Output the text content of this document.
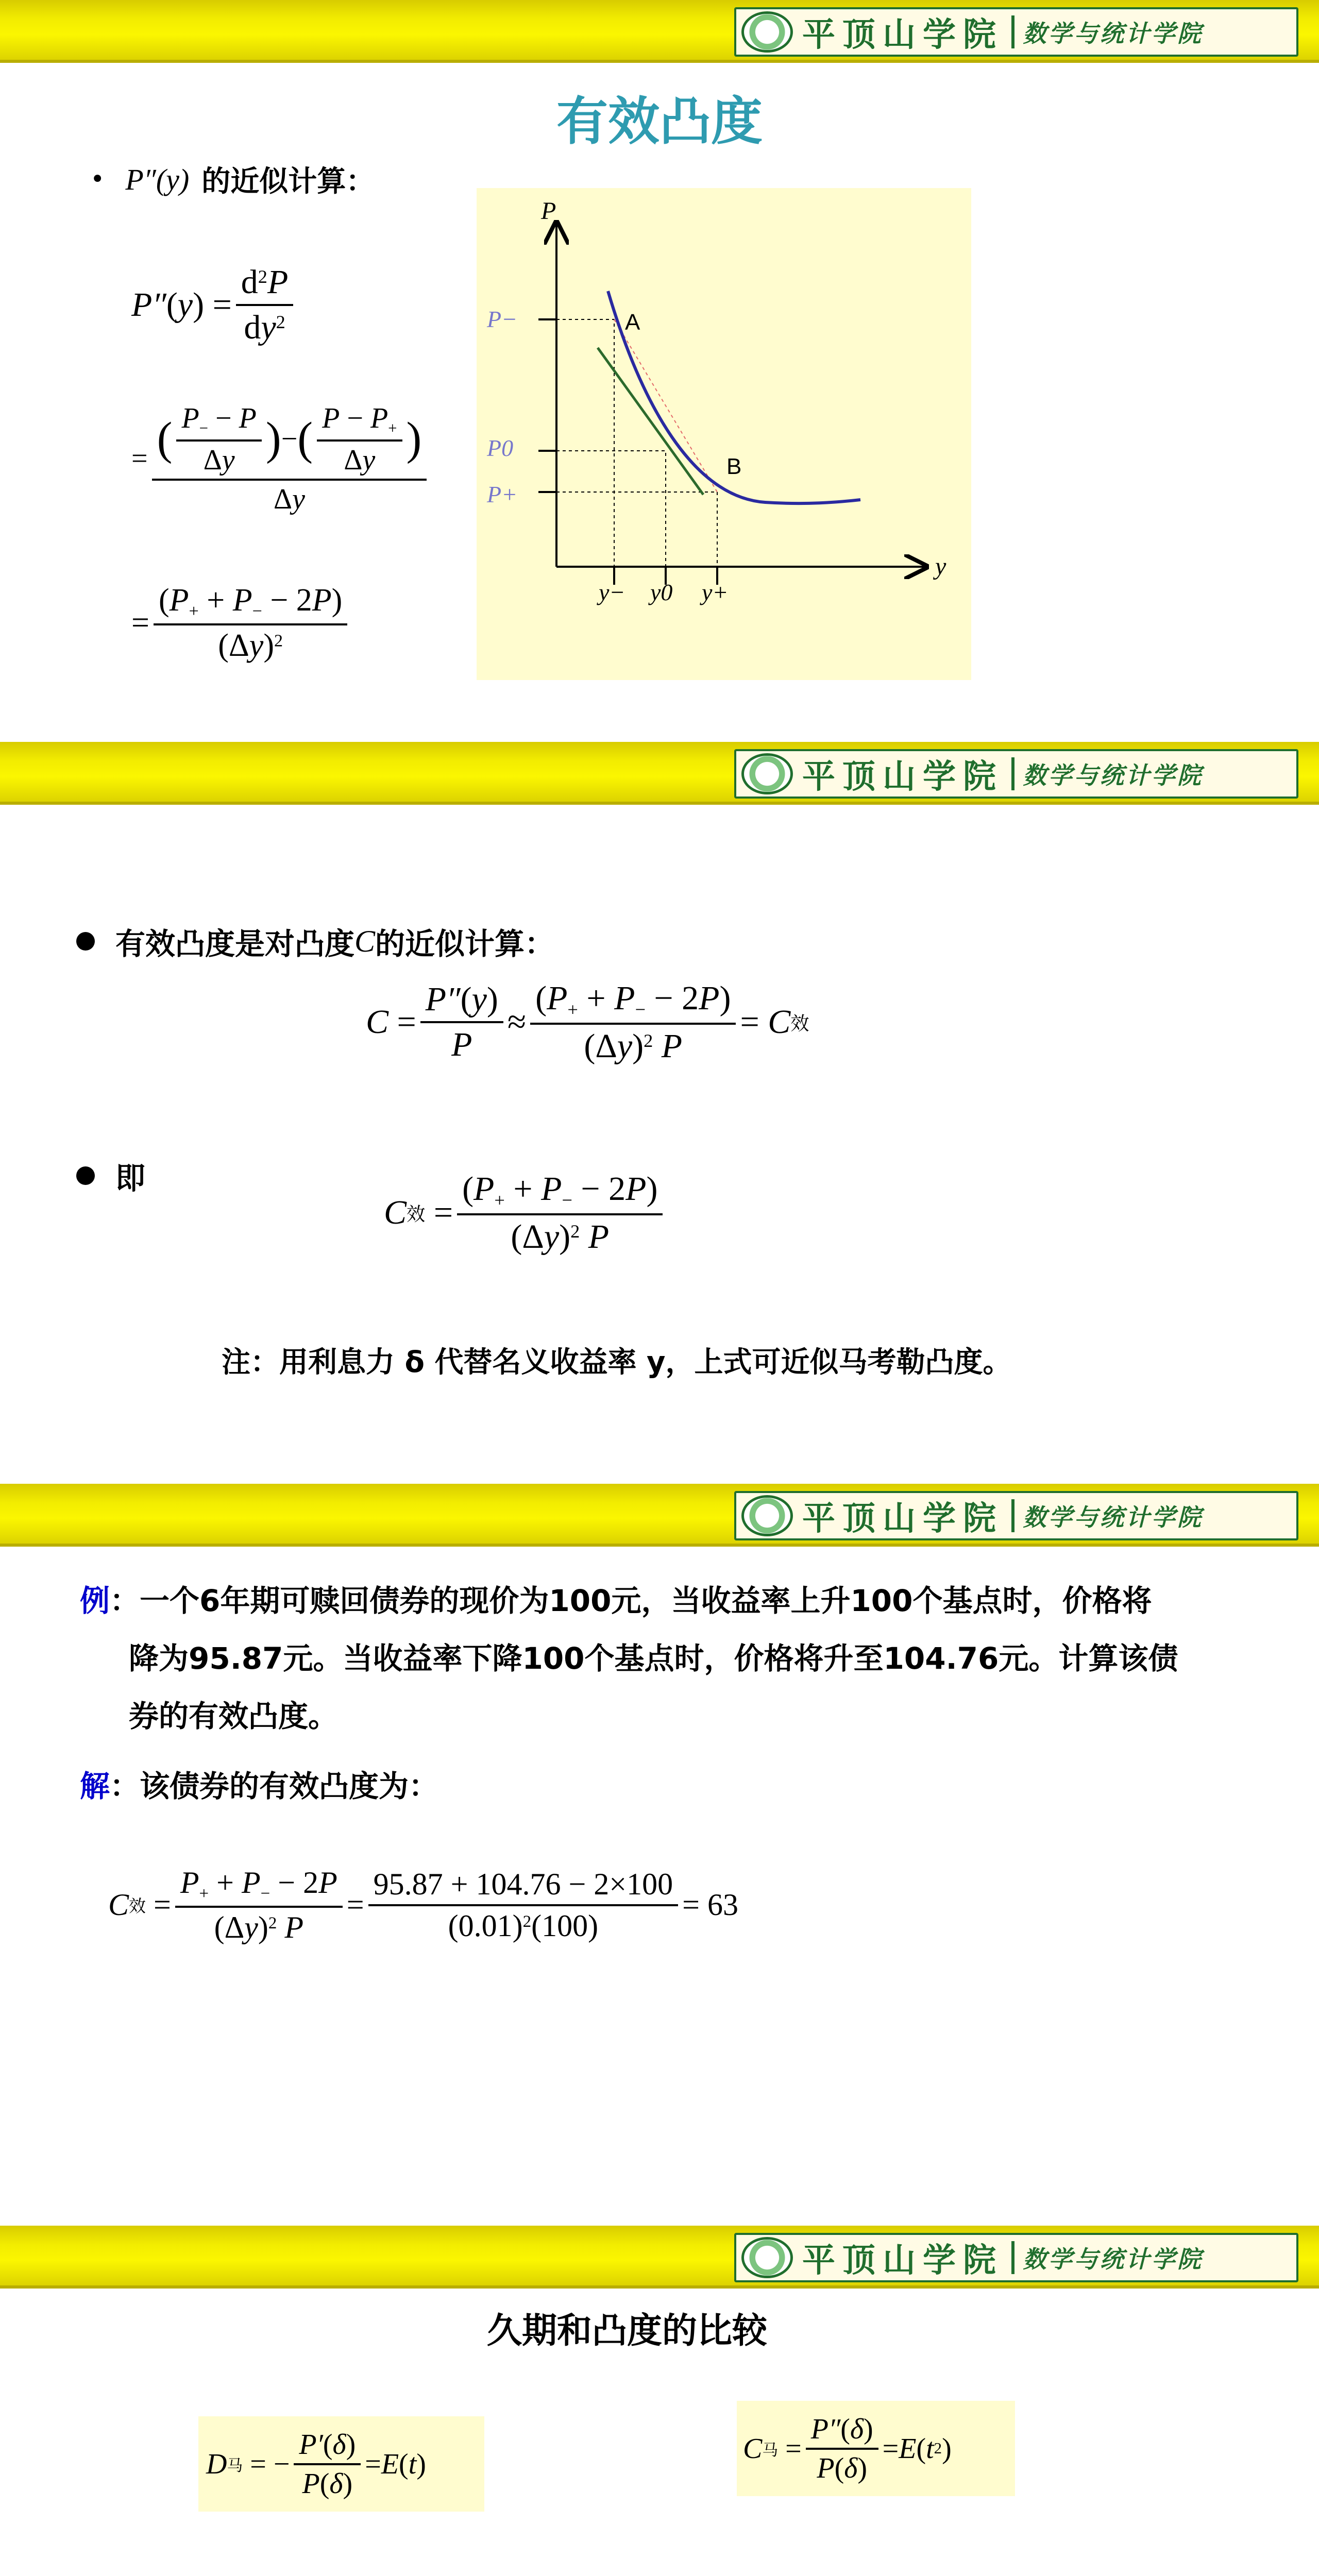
平顶山学院 数学与统计学院
有效凸度
• P″(y) 的近似计算：
P″ ( y ) = $\frac{d^2P}{dy^2}$
= $\frac{( \frac{P_- - P}{\Delta y} ) - ( \frac{P - P_+}{\Delta y} )}{\Delta y}$
= $\frac{(P_+ + P_- - 2P)}{(\Delta y)^2}$
P
y
P−
P0
P+
y− y0 y+
A
B
平顶山学院 数学与统计学院
有效凸度是对凸度 C 的近似计算：
$C = \frac{P''(y)}{P} \approx \frac{(P_+ + P_- - 2P)}{(\Delta y)^2 P} = C$ 效
即
C 效 = $\frac{(P_+ + P_- - 2P)}{(\Delta y)^2 P}$
注：用利息力 δ 代替名义收益率 y，上式可近似马考勒凸度。
平顶山学院 数学与统计学院
例 ：一个6年期可赎回债券的现价为100元，当收益率上升100个基点时，价格将
降为95.87元。当收益率下降100个基点时，价格将升至104.76元。计算该债
券的有效凸度。
解 ：该债券的有效凸度为：
C 效 = $\frac{P_+ + P_- - 2P}{(\Delta y)^2 P} = \frac{95.87 + 104.76 - 2\times 100}{(0.01)^2(100)} = 63$
平顶山学院 数学与统计学院
久期和凸度的比较
D 马 = − $\frac{P'(\delta)}{P(\delta)} = E$ ( t )	C 马 = $\frac{P''(\delta)}{P(\delta)} = E$ ( t 2 )
